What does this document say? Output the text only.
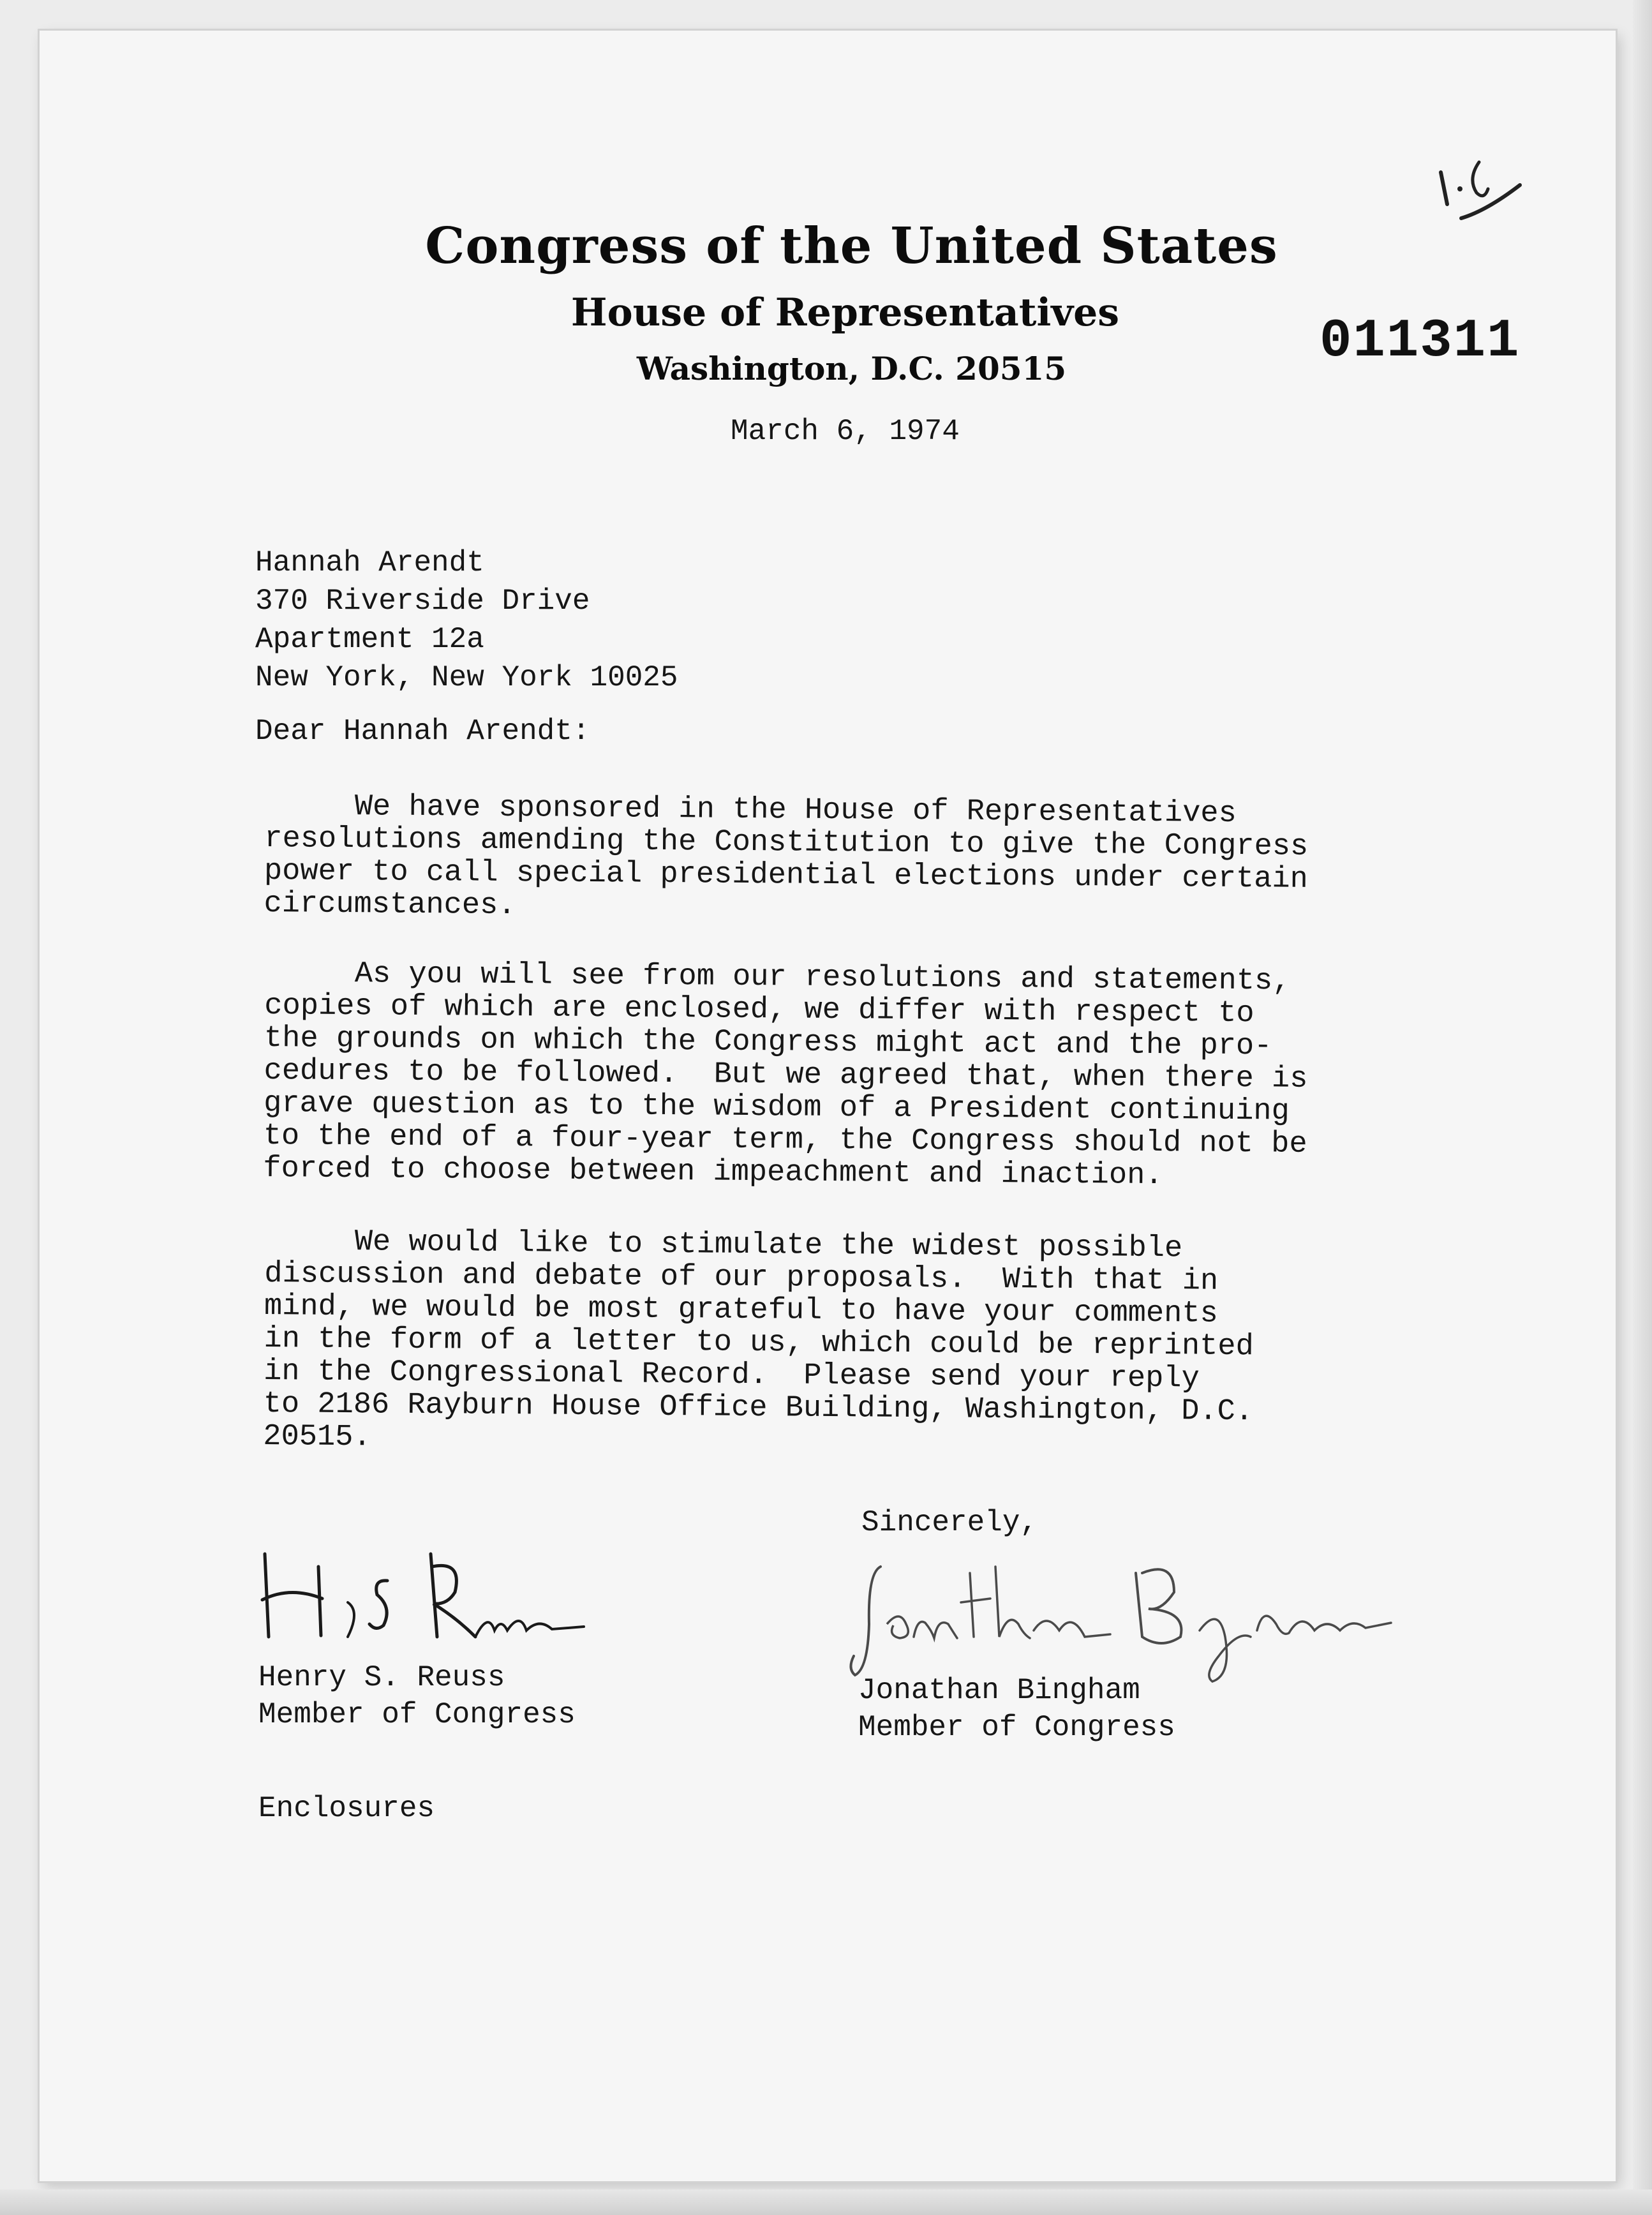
Congress of the United States
House of Representatives
Washington, D.C. 20515	011311
March 6, 1974
Hannah Arendt
370 Riverside Drive
Apartment 12a
New York, New York 10025
Dear Hannah Arendt:
We have sponsored in the House of Representatives
resolutions amending the Constitution to give the Congress
power to call special presidential elections under certain
circumstances.
As you will see from our resolutions and statements,
copies of which are enclosed, we differ with respect to
the grounds on which the Congress might act and the pro-
cedures to be followed.  But we agreed that, when there is
grave question as to the wisdom of a President continuing
to the end of a four-year term, the Congress should not be
forced to choose between impeachment and inaction.
We would like to stimulate the widest possible
discussion and debate of our proposals.  With that in
mind, we would be most grateful to have your comments
in the form of a letter to us, which could be reprinted
in the Congressional Record.  Please send your reply
to 2186 Rayburn House Office Building, Washington, D.C.
20515.
Sincerely,
Henry S. Reuss
Member of Congress
Jonathan Bingham
Member of Congress
Enclosures
